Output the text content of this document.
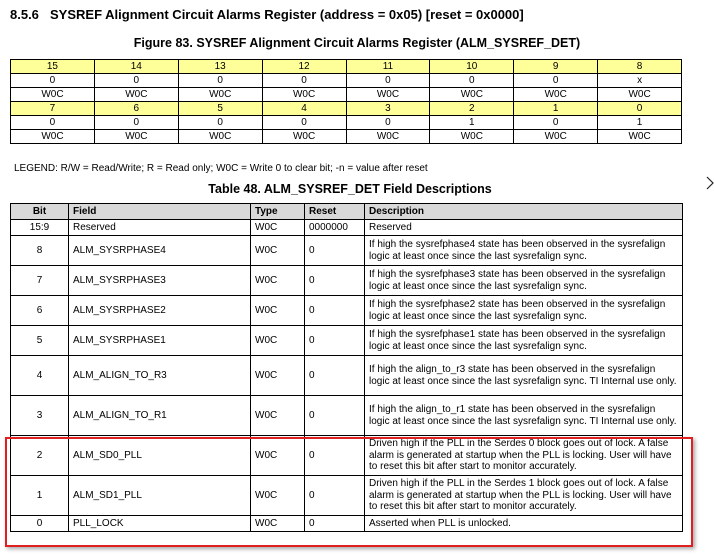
8.5.6 SYSREF Alignment Circuit Alarms Register (address = 0x05) [reset = 0x0000]
Figure 83. SYSREF Alignment Circuit Alarms Register (ALM_SYSREF_DET)
15	14	13	12	11	10	9	8
0	0	0	0	0	0	0	x
W0C	W0C	W0C	W0C	W0C	W0C	W0C	W0C
7	6	5	4	3	2	1	0
0	0	0	0	0	1	0	1
W0C	W0C	W0C	W0C	W0C	W0C	W0C	W0C
LEGEND: R/W = Read/Write; R = Read only; W0C = Write 0 to clear bit; -n = value after reset
Table 48. ALM_SYSREF_DET Field Descriptions
Bit	Field	Type	Reset	Description
15:9	Reserved	W0C	0000000	Reserved
8	ALM_SYSRPHASE4	W0C	0	If high the sysrefphase4 state has been observed in the sysrefalign logic at least once since the last sysrefalign sync.
7	ALM_SYSRPHASE3	W0C	0	If high the sysrefphase3 state has been observed in the sysrefalign logic at least once since the last sysrefalign sync.
6	ALM_SYSRPHASE2	W0C	0	If high the sysrefphase2 state has been observed in the sysrefalign logic at least once since the last sysrefalign sync.
5	ALM_SYSRPHASE1	W0C	0	If high the sysrefphase1 state has been observed in the sysrefalign logic at least once since the last sysrefalign sync.
4	ALM_ALIGN_TO_R3	W0C	0	If high the align_to_r3 state has been observed in the sysrefalign logic at least once since the last sysrefalign sync. TI Internal use only.
3	ALM_ALIGN_TO_R1	W0C	0	If high the align_to_r1 state has been observed in the sysrefalign logic at least once since the last sysrefalign sync. TI Internal use only.
2	ALM_SD0_PLL	W0C	0	Driven high if the PLL in the Serdes 0 block goes out of lock. A false alarm is generated at startup when the PLL is locking. User will have to reset this bit after start to monitor accurately.
1	ALM_SD1_PLL	W0C	0	Driven high if the PLL in the Serdes 1 block goes out of lock. A false alarm is generated at startup when the PLL is locking. User will have to reset this bit after start to monitor accurately.
0	PLL_LOCK	W0C	0	Asserted when PLL is unlocked.
